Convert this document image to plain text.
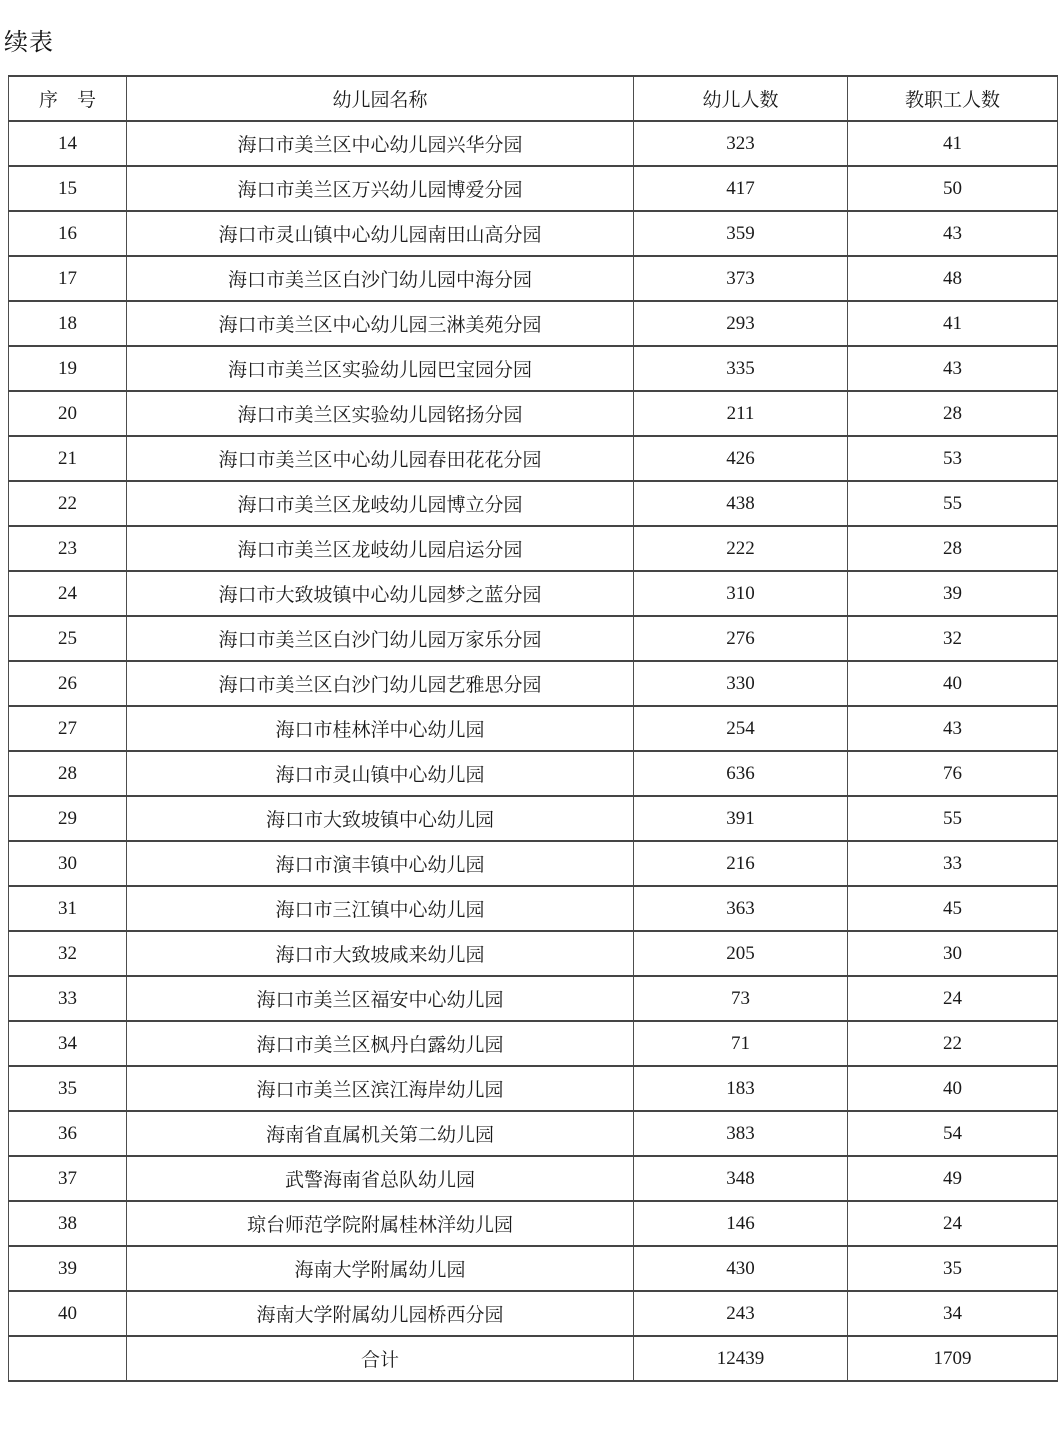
续表
序　号	幼儿园名称	幼儿人数	教职工人数
14	海口市美兰区中心幼儿园兴华分园	323	41
15	海口市美兰区万兴幼儿园博爱分园	417	50
16	海口市灵山镇中心幼儿园南田山高分园	359	43
17	海口市美兰区白沙门幼儿园中海分园	373	48
18	海口市美兰区中心幼儿园三淋美苑分园	293	41
19	海口市美兰区实验幼儿园巴宝园分园	335	43
20	海口市美兰区实验幼儿园铭扬分园	211	28
21	海口市美兰区中心幼儿园春田花花分园	426	53
22	海口市美兰区龙岐幼儿园博立分园	438	55
23	海口市美兰区龙岐幼儿园启运分园	222	28
24	海口市大致坡镇中心幼儿园梦之蓝分园	310	39
25	海口市美兰区白沙门幼儿园万家乐分园	276	32
26	海口市美兰区白沙门幼儿园艺雅思分园	330	40
27	海口市桂林洋中心幼儿园	254	43
28	海口市灵山镇中心幼儿园	636	76
29	海口市大致坡镇中心幼儿园	391	55
30	海口市演丰镇中心幼儿园	216	33
31	海口市三江镇中心幼儿园	363	45
32	海口市大致坡咸来幼儿园	205	30
33	海口市美兰区福安中心幼儿园	73	24
34	海口市美兰区枫丹白露幼儿园	71	22
35	海口市美兰区滨江海岸幼儿园	183	40
36	海南省直属机关第二幼儿园	383	54
37	武警海南省总队幼儿园	348	49
38	琼台师范学院附属桂林洋幼儿园	146	24
39	海南大学附属幼儿园	430	35
40	海南大学附属幼儿园桥西分园	243	34
	合计	12439	1709
